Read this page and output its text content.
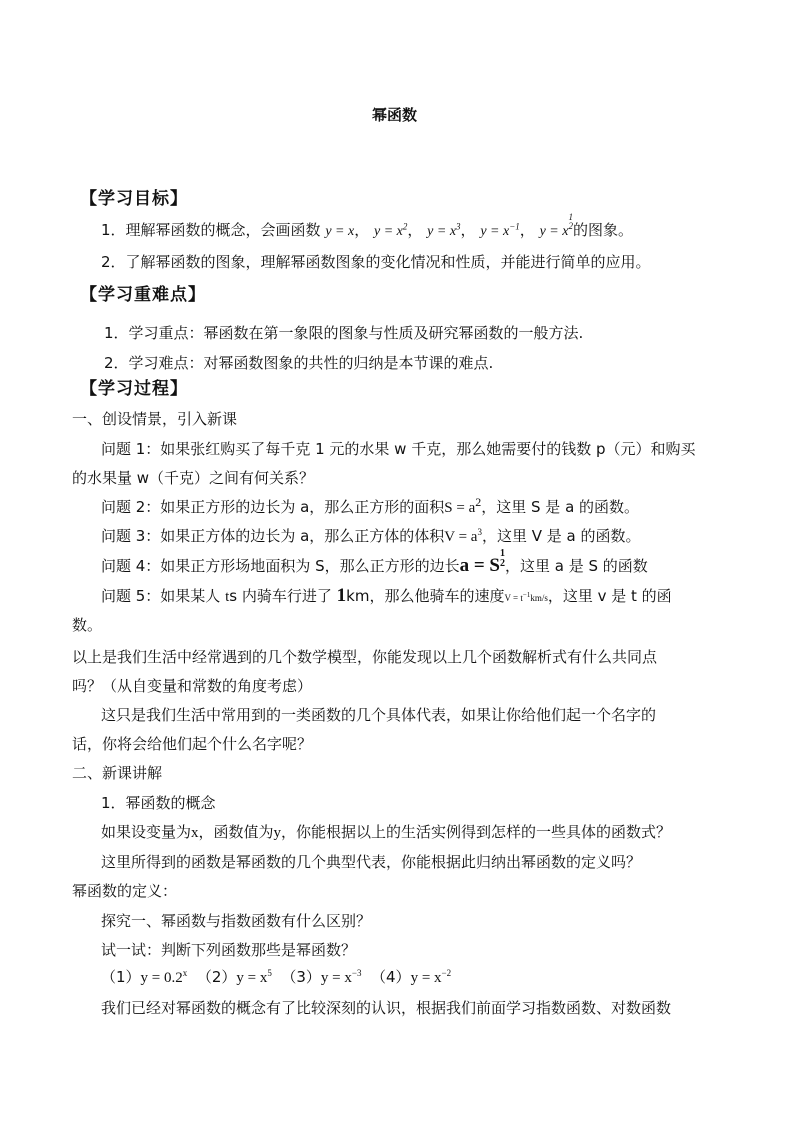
幂函数
【学习目标】
1．理解幂函数的概念，会画函数 y = x， $y = x^2$， $y = x^3$， $y = x^{-1}$， y = x1
2的图象。
2．了解幂函数的图象，理解幂函数图象的变化情况和性质，并能进行简单的应用。
【学习重难点】
1．学习重点：幂函数在第一象限的图象与性质及研究幂函数的一般方法.
2．学习难点：对幂函数图象的共性的归纳是本节课的难点.
【学习过程】
一、创设情景，引入新课
问题 1：如果张红购买了每千克 1 元的水果 w 千克，那么她需要付的钱数 p（元）和购买
的水果量 w（千克）之间有何关系？
问题 2：如果正方形的边长为 a，那么正方形的面积$S = a^2$，这里 S 是 a 的函数。
问题 3：如果正方体的边长为 a，那么正方体的体积$V = a^3$，这里 V 是 a 的函数。
问题 4：如果正方形场地面积为 S，那么正方形的边长a = S1
2，这里 a 是 S 的函数
问题 5：如果某人 ts 内骑车行进了 1km，那么他骑车的速度$V = t^{-1}km/s$，这里 v 是 t 的函
数。
以上是我们生活中经常遇到的几个数学模型，你能发现以上几个函数解析式有什么共同点
吗？（从自变量和常数的角度考虑）
这只是我们生活中常用到的一类函数的几个具体代表，如果让你给他们起一个名字的
话，你将会给他们起个什么名字呢？
二、新课讲解
1．幂函数的概念
如果设变量为x，函数值为y，你能根据以上的生活实例得到怎样的一些具体的函数式？
这里所得到的函数是幂函数的几个典型代表，你能根据此归纳出幂函数的定义吗？
幂函数的定义：
探究一、幂函数与指数函数有什么区别？
试一试：判断下列函数那些是幂函数？
$(1)y = 0.2^x$ $(2)y = x^5$ $(3)y = x^{-3}$ $(4)y = x^{-2}$
我们已经对幂函数的概念有了比较深刻的认识，根据我们前面学习指数函数、对数函数
